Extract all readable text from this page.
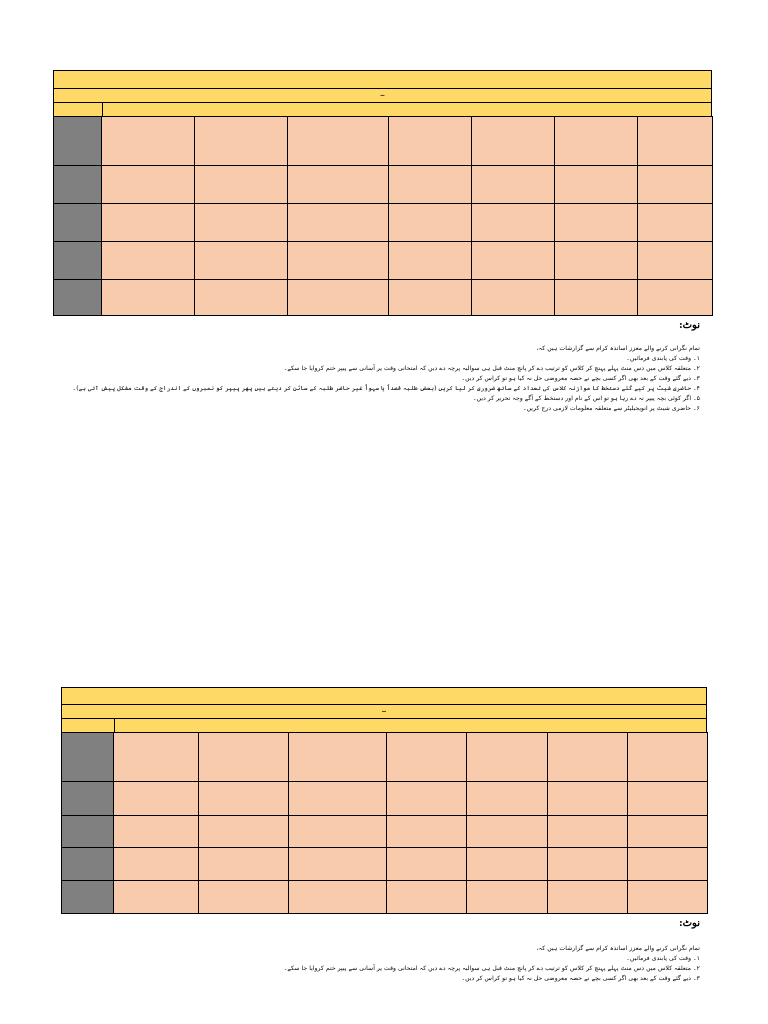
–

نوٹ:
تمام نگرانی کرنے والے معزز اساتذہ کرام سے گزارشات ہیں کہ،
۱۔ وقت کی پابندی فرمائیں۔
۲۔ متعلقہ کلاس میں دس منٹ پہلے پہنچ کر کلاس کو ترتیب دے کر پانچ منٹ قبل ہی سوالیہ پرچہ دے دیں کہ امتحانی وقت پر آسانی سے پیپر ختم کروایا جا سکے۔
۳۔ دیے گئے وقت کے بعد بھی اگر کسی بچے نے حصہ معروضی حل نہ کیا ہو تو کراس کر دیں۔
۴۔ حاضری شیٹ پر کیے گئے دستخط کا موازنہ کلاس کی تعداد کے ساتھ ضروری کر لیا کریں (بعض طلبہ قصداً یا سہواً غیر حاضر طلبہ کے سائن کر دیتے ہیں پھر پیپر کو نمبروں کے اندراج کے وقت مشکل پیش آتی ہے)۔
۵۔ اگر کوئی بچہ پیپر نہ دے رہا ہو تو اس کے نام اور دستخط کے آگے وجہ تحریر کر دیں۔
۶۔ حاضری شیٹ پر انویجیلیٹر سے متعلقہ معلومات لازمی درج کریں۔
–

نوٹ:
تمام نگرانی کرنے والے معزز اساتذہ کرام سے گزارشات ہیں کہ،
۱۔ وقت کی پابندی فرمائیں۔
۲۔ متعلقہ کلاس میں دس منٹ پہلے پہنچ کر کلاس کو ترتیب دے کر پانچ منٹ قبل ہی سوالیہ پرچہ دے دیں کہ امتحانی وقت پر آسانی سے پیپر ختم کروایا جا سکے۔
۳۔ دیے گئے وقت کے بعد بھی اگر کسی بچے نے حصہ معروضی حل نہ کیا ہو تو کراس کر دیں۔
